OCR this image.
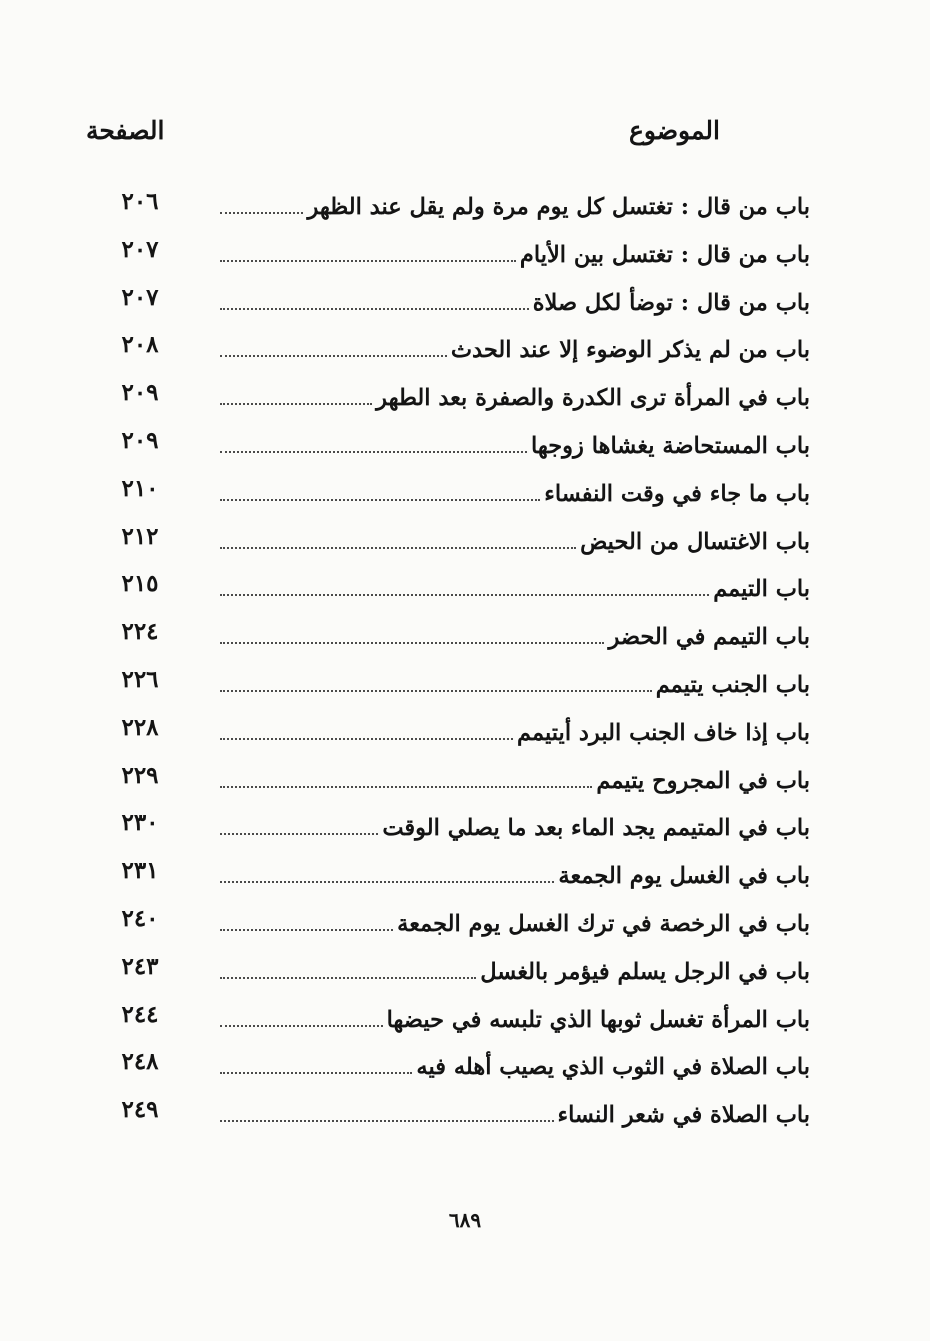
الموضوع
الصفحة
باب من قال : تغتسل كل يوم مرة ولم يقل عند الظهر
٢٠٦
باب من قال : تغتسل بين الأيام
٢٠٧
باب من قال : توضأ لكل صلاة
٢٠٧
باب من لم يذكر الوضوء إلا عند الحدث
٢٠٨
باب في المرأة ترى الكدرة والصفرة بعد الطهر
٢٠٩
باب المستحاضة يغشاها زوجها
٢٠٩
باب ما جاء في وقت النفساء
٢١٠
باب الاغتسال من الحيض
٢١٢
باب التيمم
٢١٥
باب التيمم في الحضر
٢٢٤
باب الجنب يتيمم
٢٢٦
باب إذا خاف الجنب البرد أيتيمم
٢٢٨
باب في المجروح يتيمم
٢٢٩
باب في المتيمم يجد الماء بعد ما يصلي الوقت
٢٣٠
باب في الغسل يوم الجمعة
٢٣١
باب في الرخصة في ترك الغسل يوم الجمعة
٢٤٠
باب في الرجل يسلم فيؤمر بالغسل
٢٤٣
باب المرأة تغسل ثوبها الذي تلبسه في حيضها
٢٤٤
باب الصلاة في الثوب الذي يصيب أهله فيه
٢٤٨
باب الصلاة في شعر النساء
٢٤٩
٦٨٩
